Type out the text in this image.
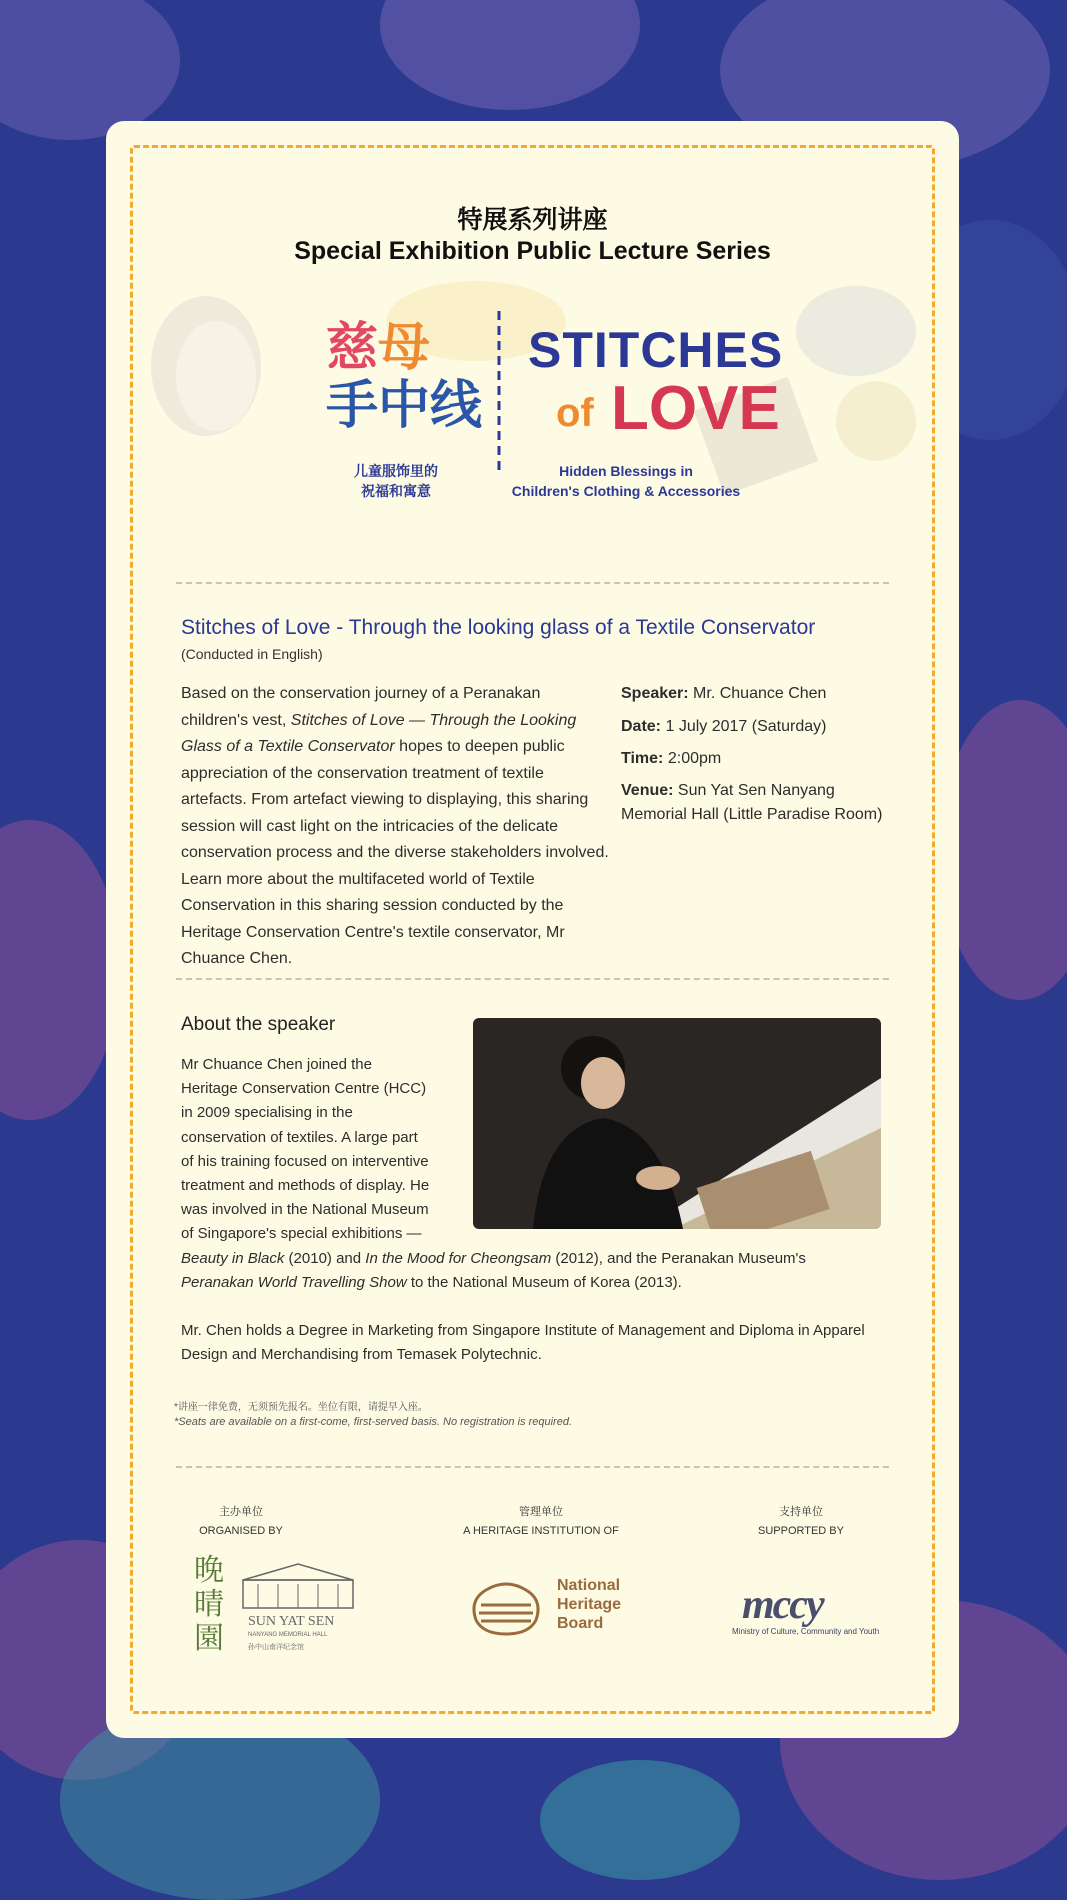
特展系列讲座
Special Exhibition Public Lecture Series
慈母
手中线
儿童服饰里的
祝福和寓意
STITCHES
of LOVE
Hidden Blessings in
Children's Clothing & Accessories
Stitches of Love - Through the looking glass of a Textile Conservator
(Conducted in English)
Based on the conservation journey of a Peranakan children's vest, Stitches of Love — Through the Looking Glass of a Textile Conservator hopes to deepen public appreciation of the conservation treatment of textile artefacts. From artefact viewing to displaying, this sharing session will cast light on the intricacies of the delicate conservation process and the diverse stakeholders involved. Learn more about the multifaceted world of Textile Conservation in this sharing session conducted by the Heritage Conservation Centre's textile conservator, Mr Chuance Chen.

Speaker: Mr. Chuance Chen

Date: 1 July 2017 (Saturday)

Time: 2:00pm

Venue: Sun Yat Sen Nanyang Memorial Hall (Little Paradise Room)

About the speaker
Mr Chuance Chen joined the Heritage Conservation Centre (HCC) in 2009 specialising in the conservation of textiles. A large part of his training focused on interventive treatment and methods of display. He was involved in the National Museum of Singapore's special exhibitions — Beauty in Black (2010) and In the Mood for Cheongsam (2012), and the Peranakan Museum's Peranakan World Travelling Show to the National Museum of Korea (2013).
Mr. Chen holds a Degree in Marketing from Singapore Institute of Management and Diploma in Apparel Design and Merchandising from Temasek Polytechnic.
*讲座一律免费，无须预先报名。坐位有限，请提早入座。
*Seats are available on a first-come, first-served basis. No registration is required.
主办单位
ORGANISED BY
管理单位
A HERITAGE INSTITUTION OF
支持单位
SUPPORTED BY
晚晴園	SUN YAT SEN
NANYANG MEMORIAL HALL
孙中山南洋纪念馆
National
Heritage
Board	mccy
Ministry of Culture, Community and Youth
